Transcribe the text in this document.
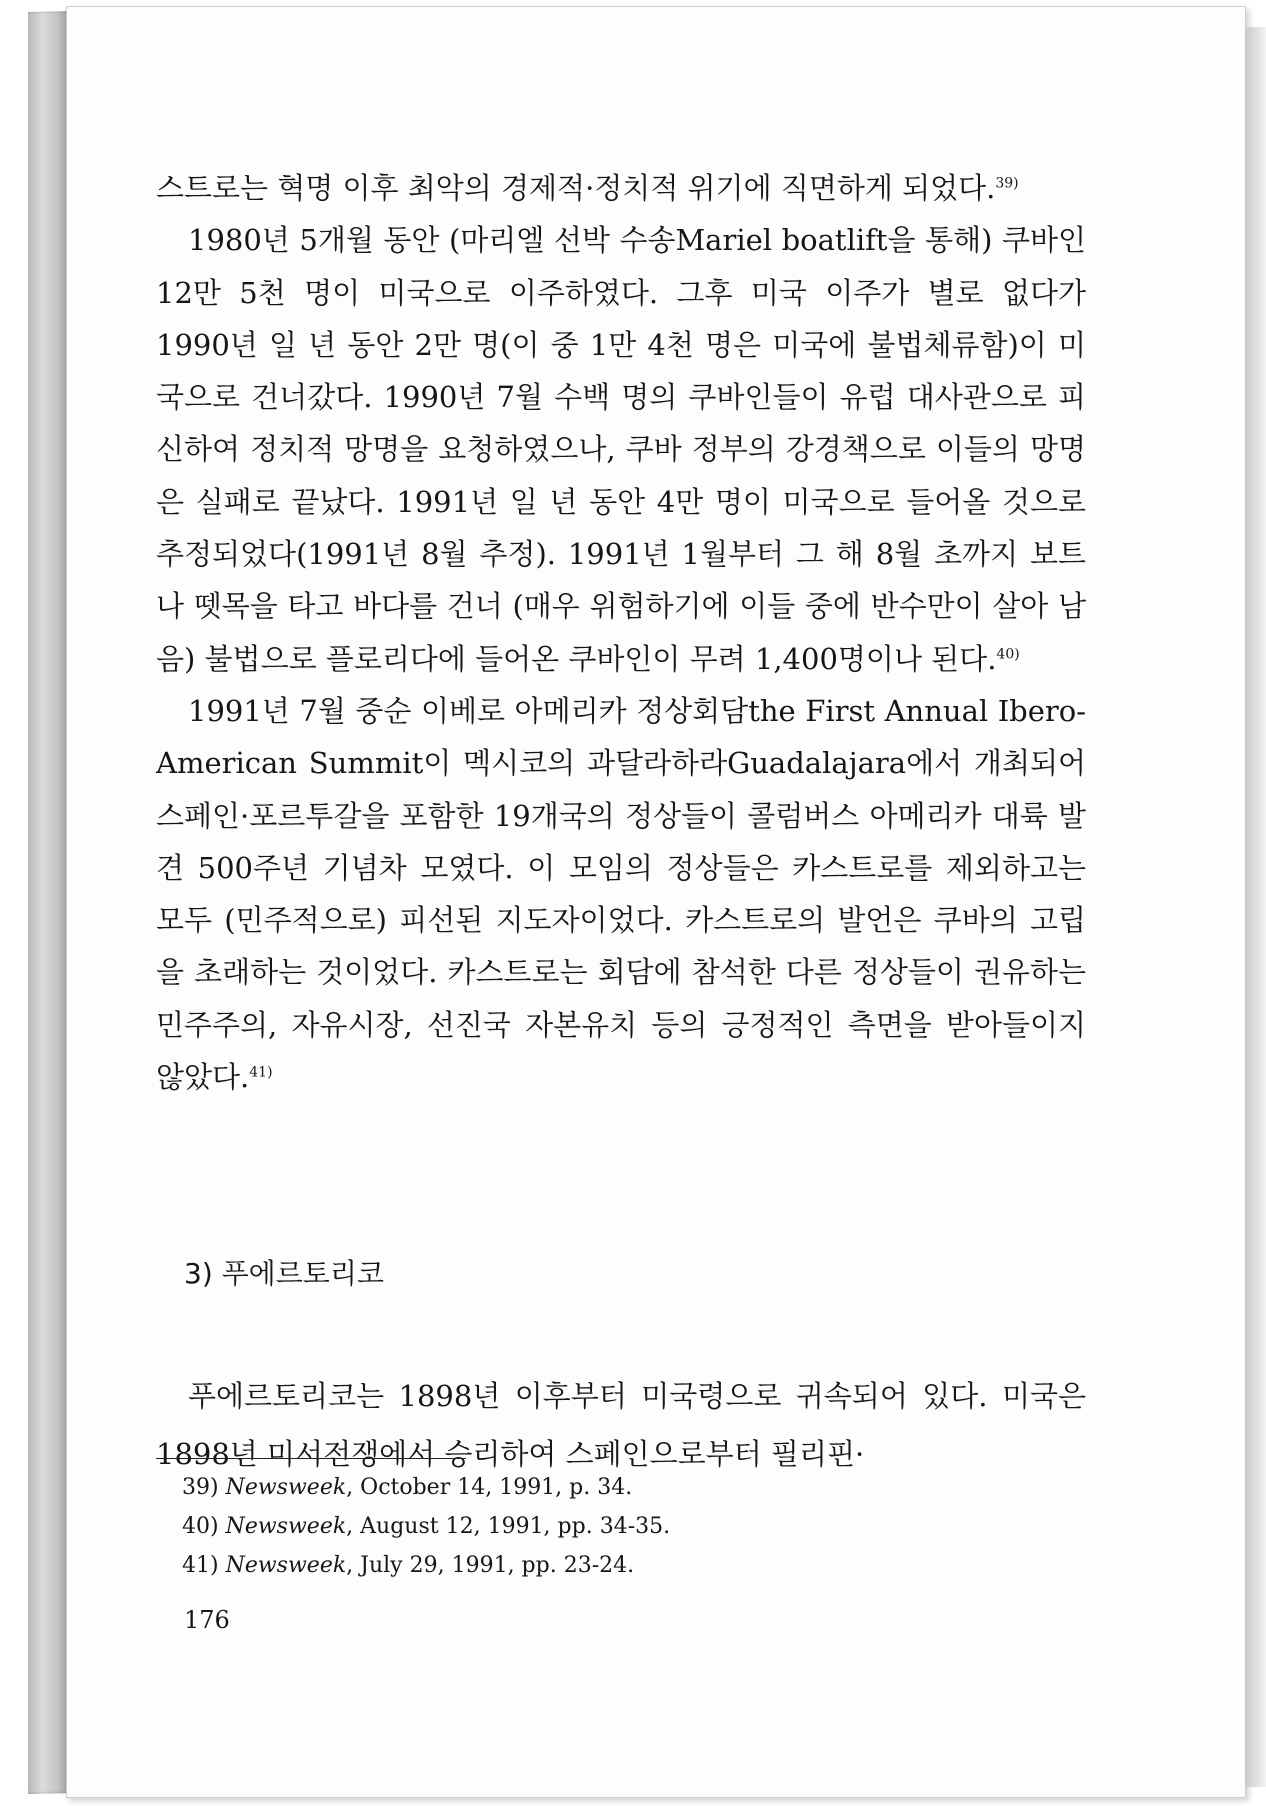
스트로는 혁명 이후 최악의 경제적·정치적 위기에 직면하게 되었다.$^{39)}$

1980년 5개월 동안 (마리엘 선박 수송Mariel boatlift을 통해) 쿠바인 12만 5천 명이 미국으로 이주하였다. 그후 미국 이주가 별로 없다가 1990년 일 년 동안 2만 명(이 중 1만 4천 명은 미국에 불법체류함)이 미국으로 건너갔다. 1990년 7월 수백 명의 쿠바인들이 유럽 대사관으로 피신하여 정치적 망명을 요청하였으나, 쿠바 정부의 강경책으로 이들의 망명은 실패로 끝났다. 1991년 일 년 동안 4만 명이 미국으로 들어올 것으로 추정되었다(1991년 8월 추정). 1991년 1월부터 그 해 8월 초까지 보트나 뗏목을 타고 바다를 건너 (매우 위험하기에 이들 중에 반수만이 살아 남음) 불법으로 플로리다에 들어온 쿠바인이 무려 1,400명이나 된다.$^{40)}$

1991년 7월 중순 이베로 아메리카 정상회담the First Annual Ibero-American Summit이 멕시코의 과달라하라Guadalajara에서 개최되어 스페인·포르투갈을 포함한 19개국의 정상들이 콜럼버스 아메리카 대륙 발견 500주년 기념차 모였다. 이 모임의 정상들은 카스트로를 제외하고는 모두 (민주적으로) 피선된 지도자이었다. 카스트로의 발언은 쿠바의 고립을 초래하는 것이었다. 카스트로는 회담에 참석한 다른 정상들이 권유하는 민주주의, 자유시장, 선진국 자본유치 등의 긍정적인 측면을 받아들이지 않았다.$^{41)}$

3) 푸에르토리코

푸에르토리코는 1898년 이후부터 미국령으로 귀속되어 있다. 미국은 1898년 미서전쟁에서 승리하여 스페인으로부터 필리핀·

39) Newsweek, October 14, 1991, p. 34.

40) Newsweek, August 12, 1991, pp. 34-35.

41) Newsweek, July 29, 1991, pp. 23-24.

176
